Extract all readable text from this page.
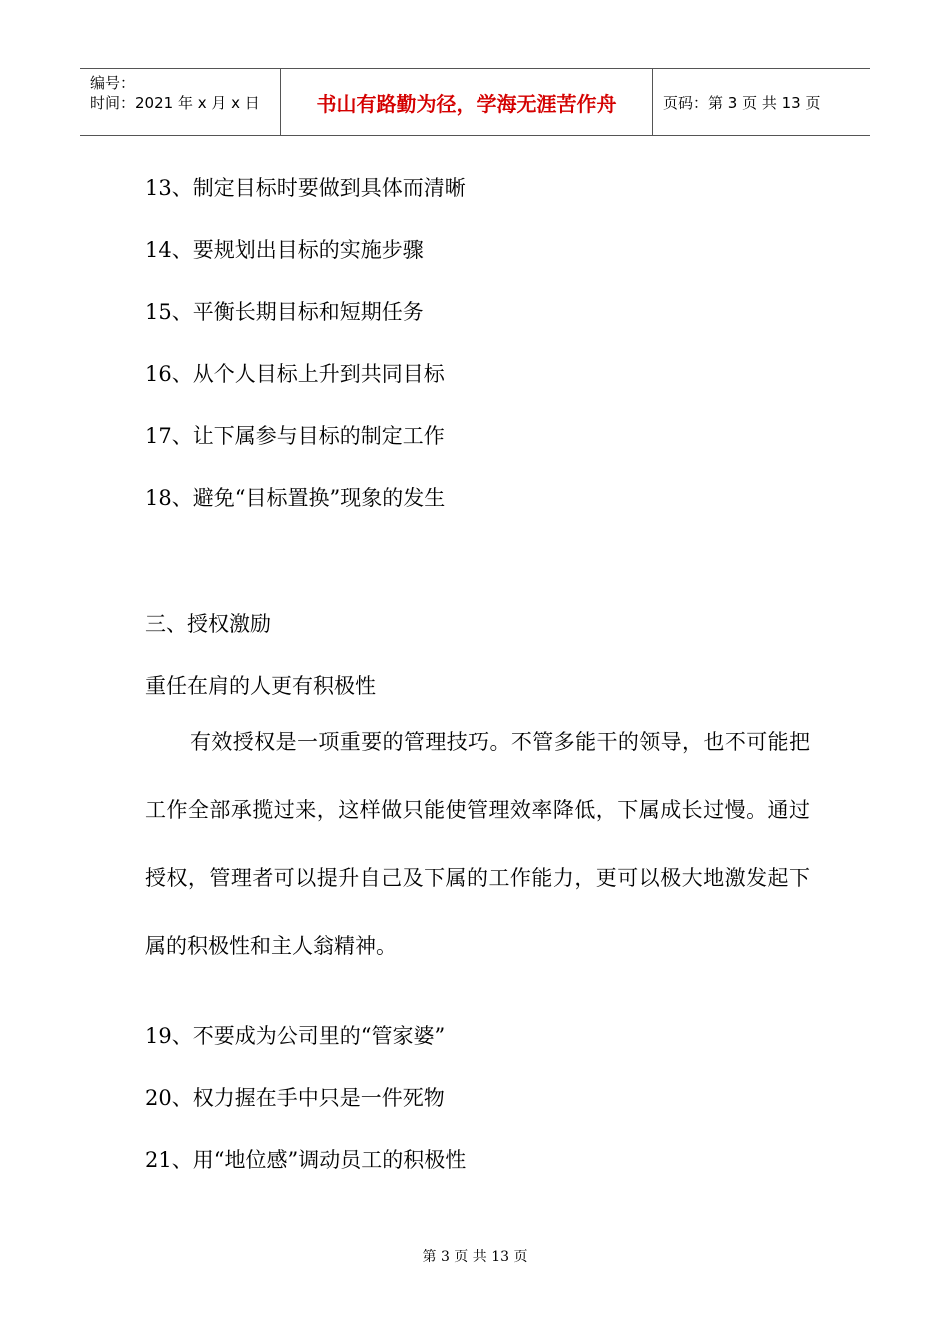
编号：
时间：2021 年 x 月 x 日	书山有路勤为径，学海无涯苦作舟	页码：第 3 页 共 13 页
13、制定目标时要做到具体而清晰
14、要规划出目标的实施步骤
15、平衡长期目标和短期任务
16、从个人目标上升到共同目标
17、让下属参与目标的制定工作
18、避免“目标置换”现象的发生
三、授权激励
重任在肩的人更有积极性

有效授权是一项重要的管理技巧。不管多能干的领导，也不可能把工作全部承揽过来，这样做只能使管理效率降低，下属成长过慢。通过授权，管理者可以提升自己及下属的工作能力，更可以极大地激发起下属的积极性和主人翁精神。

19、不要成为公司里的“管家婆”
20、权力握在手中只是一件死物
21、用“地位感”调动员工的积极性
第 3 页 共 13 页
